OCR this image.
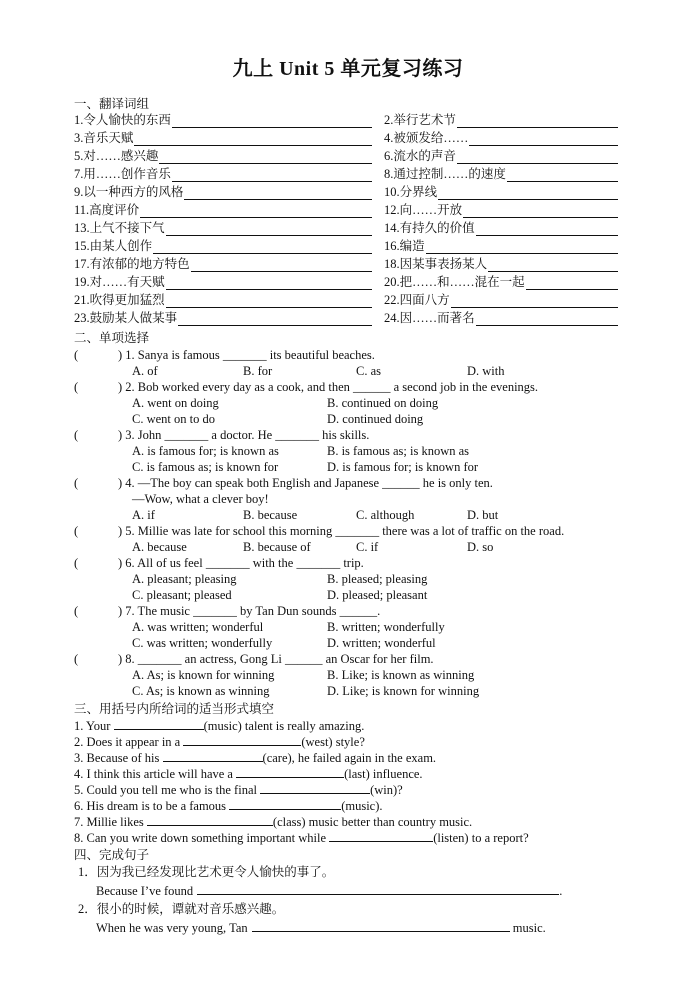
九上 Unit 5 单元复习练习
一、翻译词组
1.令人愉快的东西	2.举行艺术节
3.音乐天赋	4.被颁发给……
5.对……感兴趣	6.流水的声音
7.用……创作音乐	8.通过控制……的速度
9.以一种西方的风格	10.分界线
11.高度评价	12.向……开放
13.上气不接下气	14.有持久的价值
15.由某人创作	16.编造
17.有浓郁的地方特色	18.因某事表扬某人
19.对……有天赋	20.把……和……混在一起
21.吹得更加猛烈	22.四面八方
23.鼓励某人做某事	24.因……而著名
二、单项选择
(	) 1. Sanya is famous _______ its beautiful beaches.
A. of	B. for	C. as	D. with
(	) 2. Bob worked every day as a cook, and then ______ a second job in the evenings.
A. went on doing	B. continued on doing
C. went on to do	D. continued doing
(	) 3. John _______ a doctor. He _______ his skills.
A. is famous for; is known as	B. is famous as; is known as
C. is famous as; is known for	D. is famous for; is known for
(	) 4. —The boy can speak both English and Japanese ______ he is only ten.
—Wow, what a clever boy!
A. if	B. because	C. although	D. but
(	) 5. Millie was late for school this morning _______ there was a lot of traffic on the road.
A. because	B. because of	C. if	D. so
(	) 6. All of us feel _______ with the _______ trip.
A. pleasant; pleasing	B. pleased; pleasing
C. pleasant; pleased	D. pleased; pleasant
(	) 7. The music _______ by Tan Dun sounds ______.
A. was written; wonderful	B. written; wonderfully
C. was written; wonderfully	D. written; wonderful
(	) 8. _______ an actress, Gong Li ______ an Oscar for her film.
A. As; is known for winning	B. Like; is known as winning
C. As; is known as winning	D. Like; is known for winning
三、用括号内所给词的适当形式填空
1. Your	(music) talent is really amazing.
2. Does it appear in a	(west) style?
3. Because of his	(care), he failed again in the exam.
4. I think this article will have a	(last) influence.
5. Could you tell me who is the final	(win)?
6. His dream is to be a famous	(music).
7. Millie likes	(class) music better than country music.
8. Can you write down something important while	(listen) to a report?
四、完成句子
1．因为我已经发现比艺术更令人愉快的事了。
Because I’ve found	.
2．很小的时候，谭就对音乐感兴趣。
When he was very young, Tan	music.
